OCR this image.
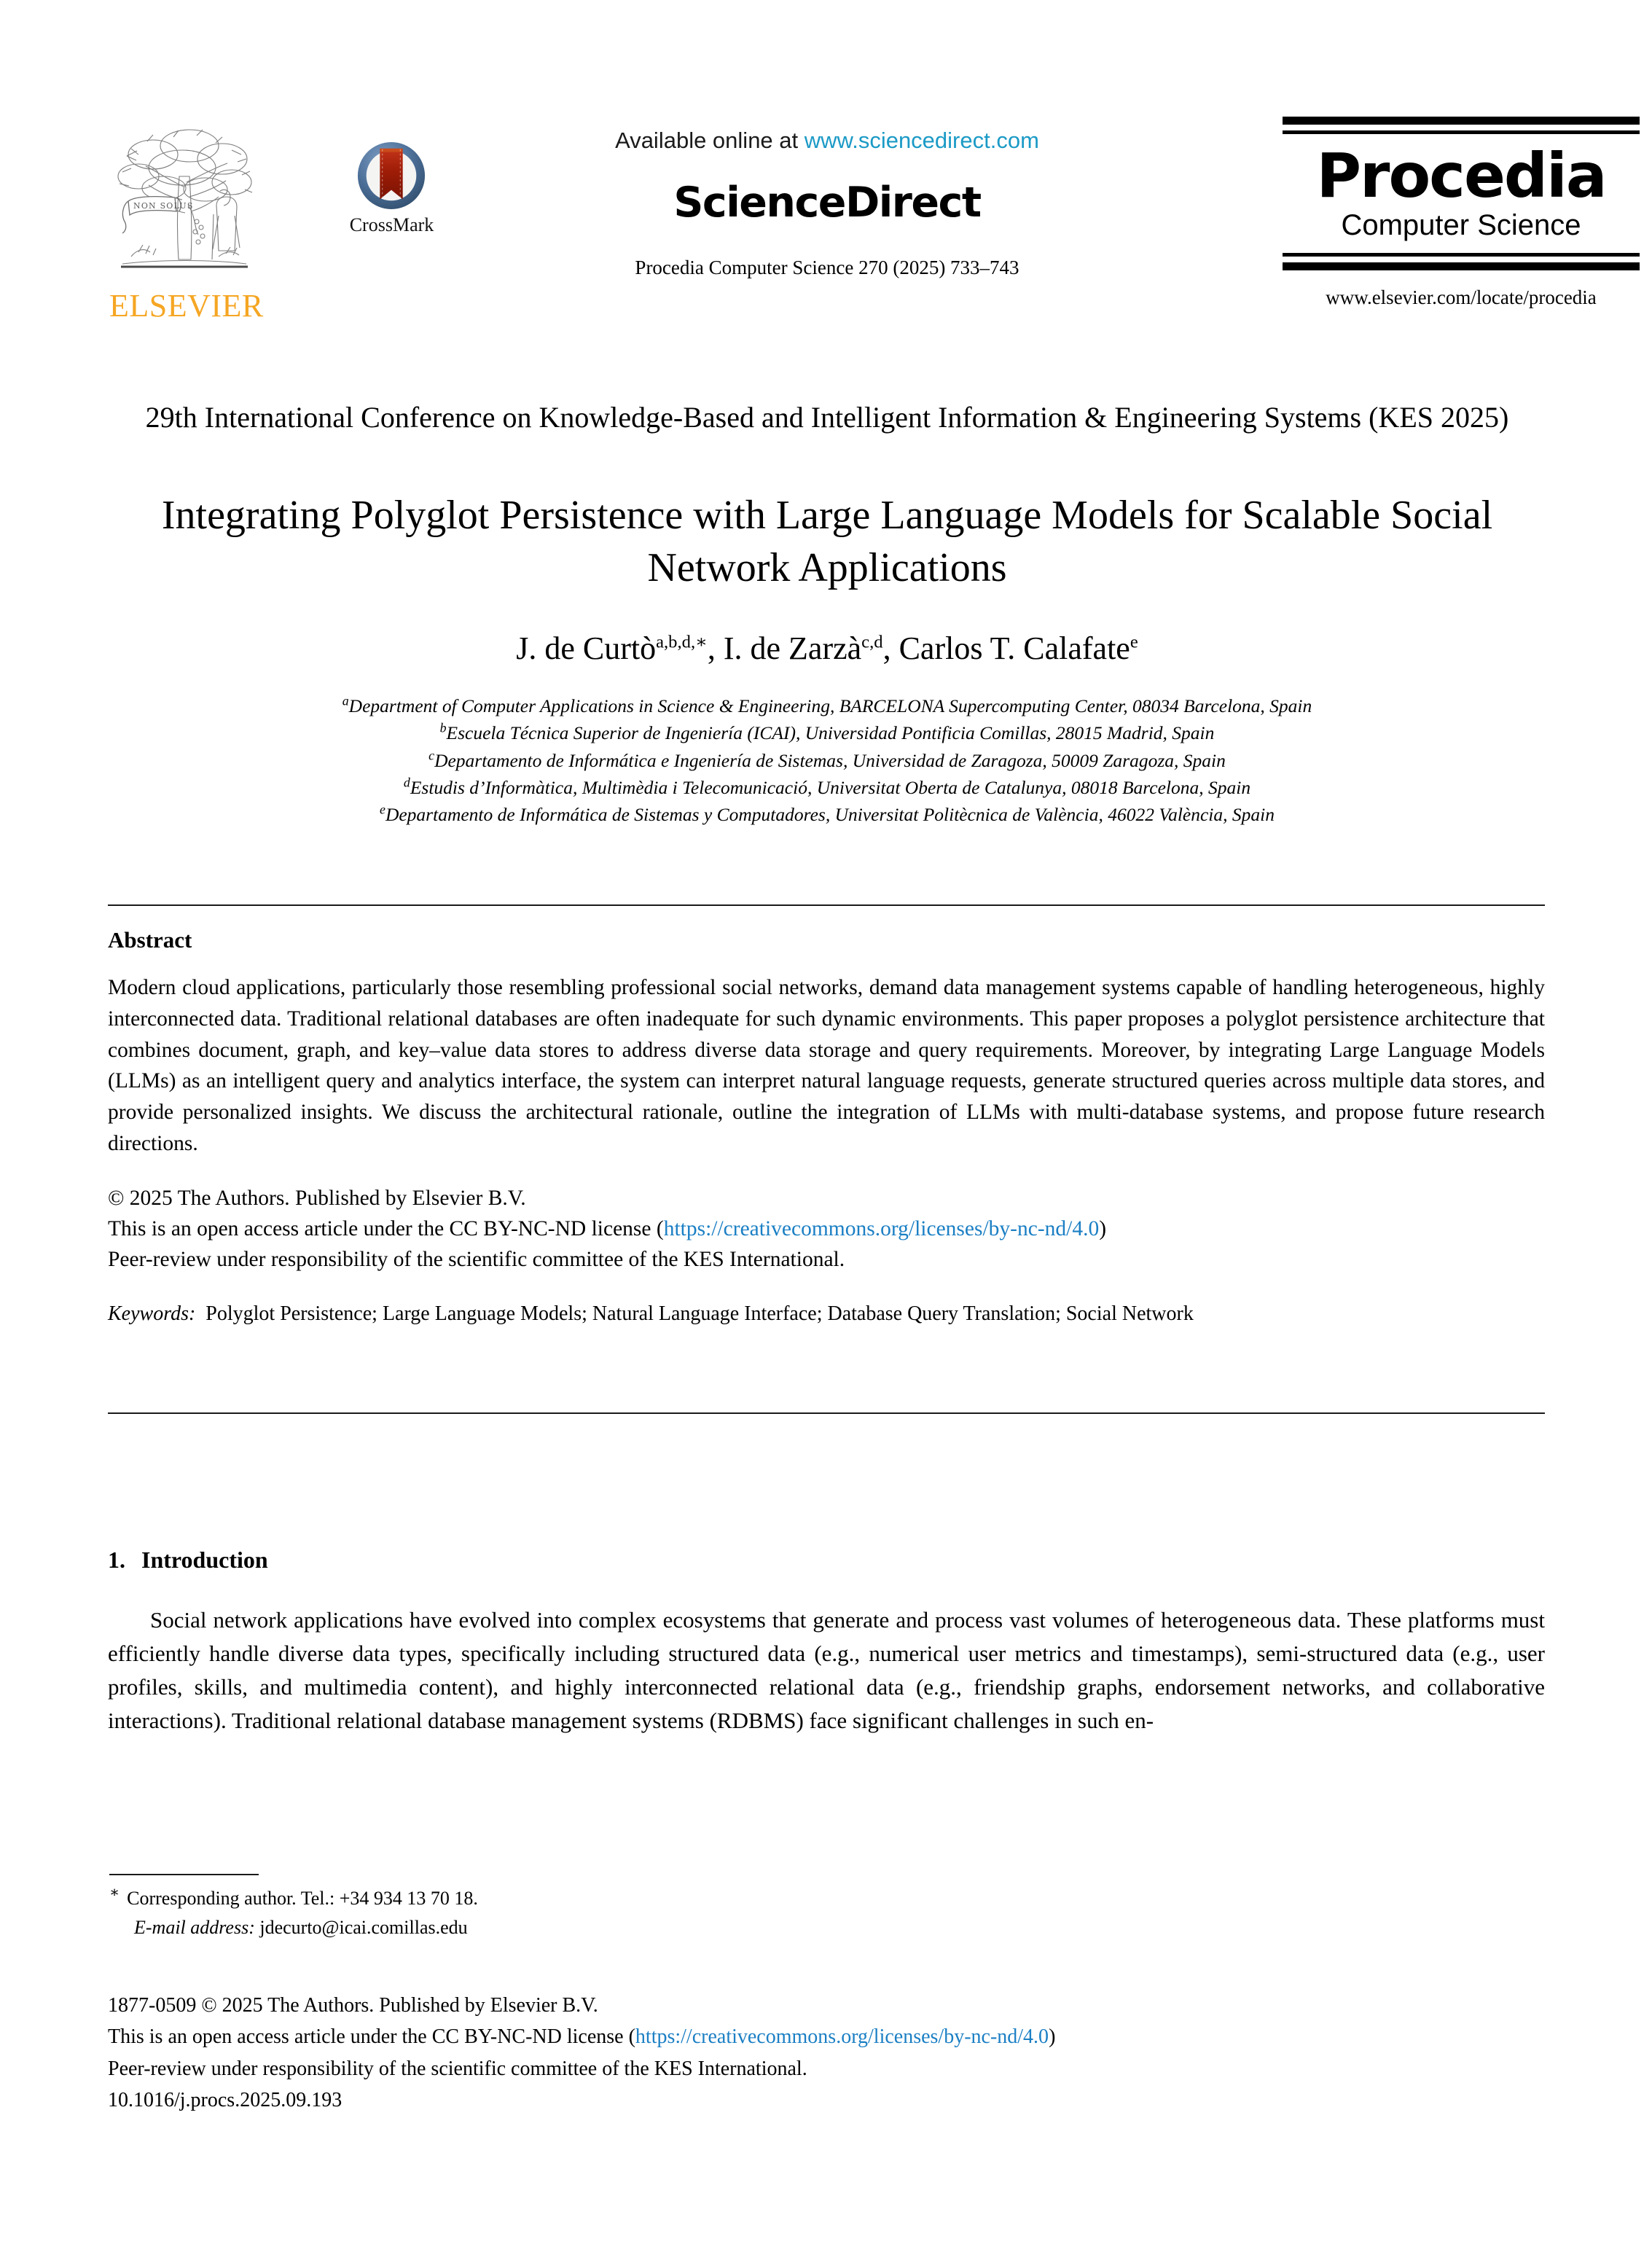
NON SOLUS
ELSEVIER
CrossMark
Available online at www.sciencedirect.com
ScienceDirect
Procedia Computer Science 270 (2025) 733–743
Procedia
Computer Science
www.elsevier.com/locate/procedia
29th International Conference on Knowledge-Based and Intelligent Information & Engineering Systems (KES 2025)
Integrating Polyglot Persistence with Large Language Models for Scalable Social Network Applications
J. de Curtò$^{a,b,d,∗}$, I. de Zarzà$^{c,d}$, Carlos T. Calafate$^e$
$^a$Department of Computer Applications in Science & Engineering, BARCELONA Supercomputing Center, 08034 Barcelona, Spain
$^b$Escuela Técnica Superior de Ingeniería (ICAI), Universidad Pontificia Comillas, 28015 Madrid, Spain
$^c$Departamento de Informática e Ingeniería de Sistemas, Universidad de Zaragoza, 50009 Zaragoza, Spain
$^d$Estudis d’Informàtica, Multimèdia i Telecomunicació, Universitat Oberta de Catalunya, 08018 Barcelona, Spain
$^e$Departamento de Informática de Sistemas y Computadores, Universitat Politècnica de València, 46022 València, Spain
Abstract

Modern cloud applications, particularly those resembling professional social networks, demand data management systems capable of handling heterogeneous, highly interconnected data. Traditional relational databases are often inadequate for such dynamic environments. This paper proposes a polyglot persistence architecture that combines document, graph, and key–value data stores to address diverse data storage and query requirements. Moreover, by integrating Large Language Models (LLMs) as an intelligent query and analytics interface, the system can interpret natural language requests, generate structured queries across multiple data stores, and provide personalized insights. We discuss the architectural rationale, outline the integration of LLMs with multi-database systems, and propose future research directions.

© 2025 The Authors. Published by Elsevier B.V.
This is an open access article under the CC BY-NC-ND license (https://creativecommons.org/licenses/by-nc-nd/4.0)
Peer-review under responsibility of the scientific committee of the KES International.
Keywords: Polyglot Persistence; Large Language Models; Natural Language Interface; Database Query Translation; Social Network
1. Introduction
Social network applications have evolved into complex ecosystems that generate and process vast volumes of heterogeneous data. These platforms must efficiently handle diverse data types, specifically including structured data (e.g., numerical user metrics and timestamps), semi-structured data (e.g., user profiles, skills, and multimedia content), and highly interconnected relational data (e.g., friendship graphs, endorsement networks, and collaborative interactions). Traditional relational database management systems (RDBMS) face significant challenges in such en-
∗ Corresponding author. Tel.: +34 934 13 70 18.
E-mail address: jdecurto@icai.comillas.edu
1877-0509 © 2025 The Authors. Published by Elsevier B.V.
This is an open access article under the CC BY-NC-ND license (https://creativecommons.org/licenses/by-nc-nd/4.0)
Peer-review under responsibility of the scientific committee of the KES International.
10.1016/j.procs.2025.09.193
